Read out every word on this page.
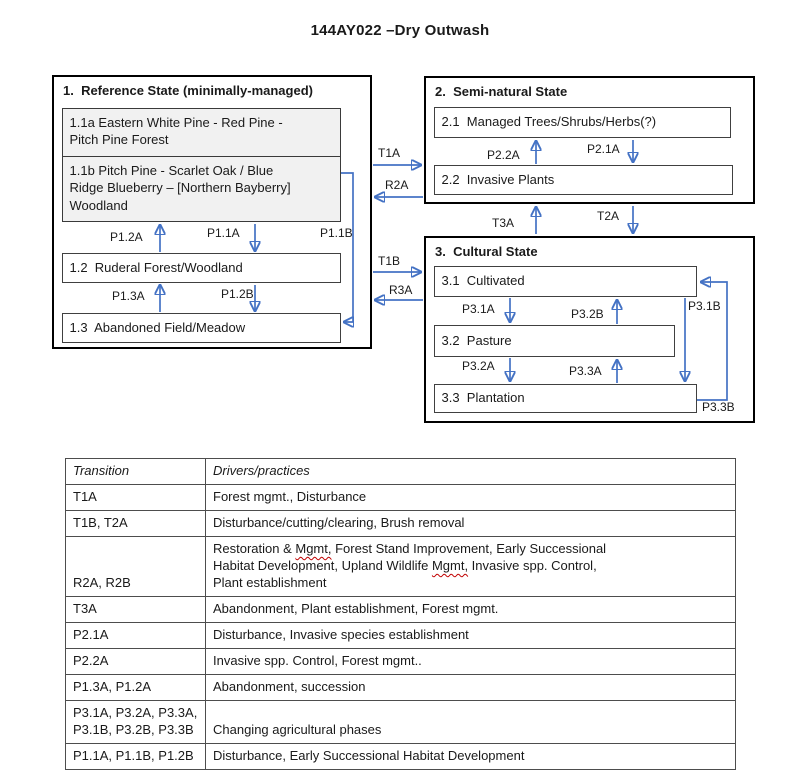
144AY022 –Dry Outwash
1.  Reference State (minimally-managed)
1.1a Eastern White Pine - Red Pine -
Pitch Pine Forest
1.1b Pitch Pine - Scarlet Oak / Blue
Ridge Blueberry – [Northern Bayberry]
Woodland
1.2  Ruderal Forest/Woodland
1.3  Abandoned Field/Meadow
2.  Semi-natural State
2.1  Managed Trees/Shrubs/Herbs(?)
2.2  Invasive Plants
3.  Cultural State
3.1  Cultivated
3.2  Pasture
3.3  Plantation
P1.2A	P1.1A	P1.1B
P1.3A	P1.2B
T1A
R2A
T1B
R3A
T3A	T2A
P2.2A	P2.1A
P3.1A	P3.2B
P3.1B
P3.2A	P3.3A
P3.3B
Transition	Drivers/practices
T1A	Forest mgmt., Disturbance
T1B, T2A	Disturbance/cutting/clearing, Brush removal
R2A, R2B	Restoration & Mgmt, Forest Stand Improvement, Early Successional
Habitat Development, Upland Wildlife Mgmt, Invasive spp. Control,
Plant establishment
T3A	Abandonment, Plant establishment, Forest mgmt.
P2.1A	Disturbance, Invasive species establishment
P2.2A	Invasive spp. Control, Forest mgmt..
P1.3A, P1.2A	Abandonment, succession
P3.1A, P3.2A, P3.3A,
P3.1B, P3.2B, P3.3B	Changing agricultural phases
P1.1A, P1.1B, P1.2B	Disturbance, Early Successional Habitat Development
